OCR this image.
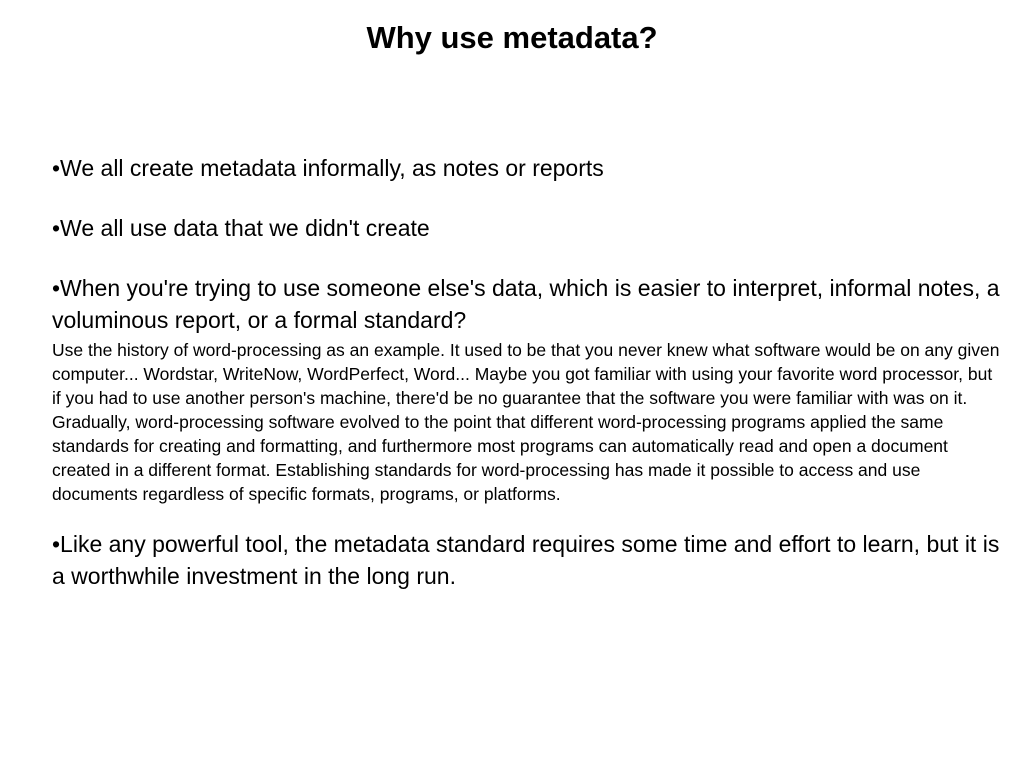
Why use metadata?

•We all create metadata informally, as notes or reports

•We all use data that we didn't create

•When you're trying to use someone else's data, which is easier to interpret, informal notes, a voluminous report, or a formal standard?

Use the history of word-processing as an example. It used to be that you never knew what software would be on any given computer... Wordstar, WriteNow, WordPerfect, Word... Maybe you got familiar with using your favorite word processor, but if you had to use another person's machine, there'd be no guarantee that the software you were familiar with was on it. Gradually, word-processing software evolved to the point that different word-processing programs applied the same standards for creating and formatting, and furthermore most programs can automatically read and open a document created in a different format. Establishing standards for word-processing has made it possible to access and use documents regardless of specific formats, programs, or platforms.

•Like any powerful tool, the metadata standard requires some time and effort to learn, but it is a worthwhile investment in the long run.
